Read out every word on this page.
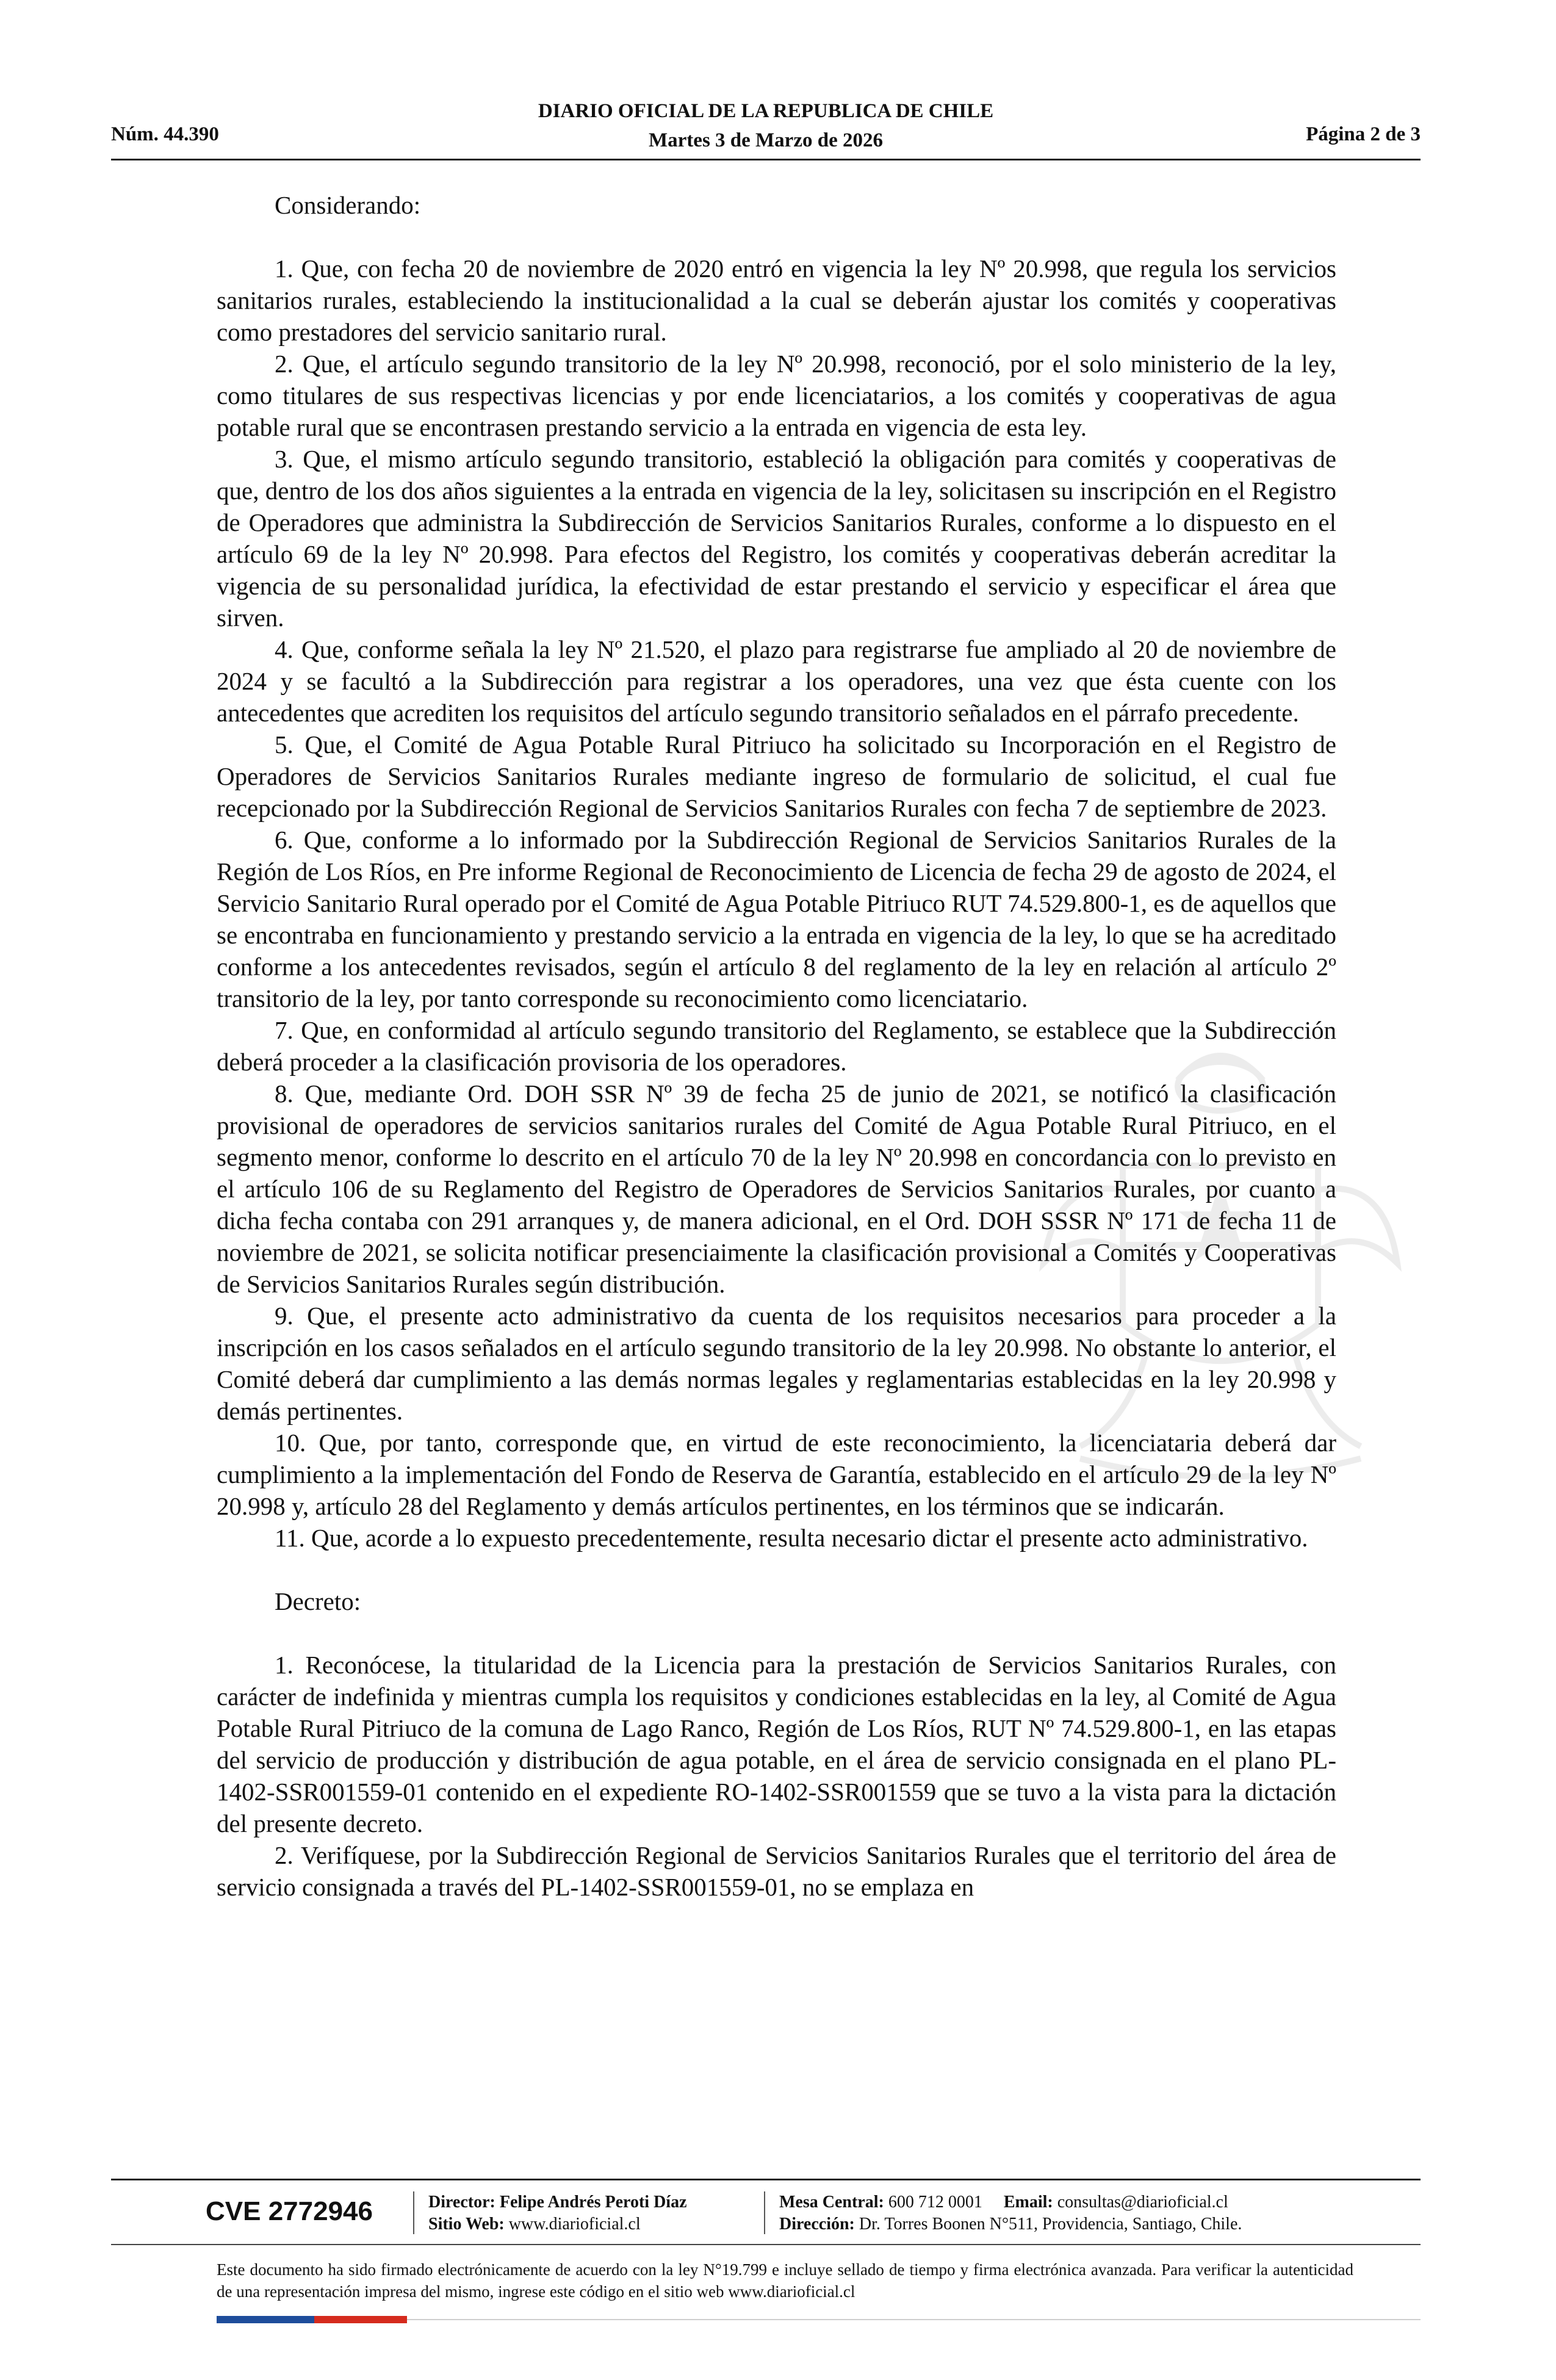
Núm. 44.390
DIARIO OFICIAL DE LA REPUBLICA DE CHILE
Martes 3 de Marzo de 2026	Página 2 de 3

Considerando:

1. Que, con fecha 20 de noviembre de 2020 entró en vigencia la ley Nº 20.998, que regula los servicios sanitarios rurales, estableciendo la institucionalidad a la cual se deberán ajustar los comités y cooperativas como prestadores del servicio sanitario rural.

2. Que, el artículo segundo transitorio de la ley Nº 20.998, reconoció, por el solo ministerio de la ley, como titulares de sus respectivas licencias y por ende licenciatarios, a los comités y cooperativas de agua potable rural que se encontrasen prestando servicio a la entrada en vigencia de esta ley.

3. Que, el mismo artículo segundo transitorio, estableció la obligación para comités y cooperativas de que, dentro de los dos años siguientes a la entrada en vigencia de la ley, solicitasen su inscripción en el Registro de Operadores que administra la Subdirección de Servicios Sanitarios Rurales, conforme a lo dispuesto en el artículo 69 de la ley Nº 20.998. Para efectos del Registro, los comités y cooperativas deberán acreditar la vigencia de su personalidad jurídica, la efectividad de estar prestando el servicio y especificar el área que sirven.

4. Que, conforme señala la ley Nº 21.520, el plazo para registrarse fue ampliado al 20 de noviembre de 2024 y se facultó a la Subdirección para registrar a los operadores, una vez que ésta cuente con los antecedentes que acrediten los requisitos del artículo segundo transitorio señalados en el párrafo precedente.

5. Que, el Comité de Agua Potable Rural Pitriuco ha solicitado su Incorporación en el Registro de Operadores de Servicios Sanitarios Rurales mediante ingreso de formulario de solicitud, el cual fue recepcionado por la Subdirección Regional de Servicios Sanitarios Rurales con fecha 7 de septiembre de 2023.

6. Que, conforme a lo informado por la Subdirección Regional de Servicios Sanitarios Rurales de la Región de Los Ríos, en Pre informe Regional de Reconocimiento de Licencia de fecha 29 de agosto de 2024, el Servicio Sanitario Rural operado por el Comité de Agua Potable Pitriuco RUT 74.529.800-1, es de aquellos que se encontraba en funcionamiento y prestando servicio a la entrada en vigencia de la ley, lo que se ha acreditado conforme a los antecedentes revisados, según el artículo 8 del reglamento de la ley en relación al artículo 2º transitorio de la ley, por tanto corresponde su reconocimiento como licenciatario.

7. Que, en conformidad al artículo segundo transitorio del Reglamento, se establece que la Subdirección deberá proceder a la clasificación provisoria de los operadores.

8. Que, mediante Ord. DOH SSR Nº 39 de fecha 25 de junio de 2021, se notificó la clasificación provisional de operadores de servicios sanitarios rurales del Comité de Agua Potable Rural Pitriuco, en el segmento menor, conforme lo descrito en el artículo 70 de la ley Nº 20.998 en concordancia con lo previsto en el artículo 106 de su Reglamento del Registro de Operadores de Servicios Sanitarios Rurales, por cuanto a dicha fecha contaba con 291 arranques y, de manera adicional, en el Ord. DOH SSSR Nº 171 de fecha 11 de noviembre de 2021, se solicita notificar presenciaimente la clasificación provisional a Comités y Cooperativas de Servicios Sanitarios Rurales según distribución.

9. Que, el presente acto administrativo da cuenta de los requisitos necesarios para proceder a la inscripción en los casos señalados en el artículo segundo transitorio de la ley 20.998. No obstante lo anterior, el Comité deberá dar cumplimiento a las demás normas legales y reglamentarias establecidas en la ley 20.998 y demás pertinentes.

10. Que, por tanto, corresponde que, en virtud de este reconocimiento, la licenciataria deberá dar cumplimiento a la implementación del Fondo de Reserva de Garantía, establecido en el artículo 29 de la ley Nº 20.998 y, artículo 28 del Reglamento y demás artículos pertinentes, en los términos que se indicarán.

11. Que, acorde a lo expuesto precedentemente, resulta necesario dictar el presente acto administrativo.

Decreto:

1. Reconócese, la titularidad de la Licencia para la prestación de Servicios Sanitarios Rurales, con carácter de indefinida y mientras cumpla los requisitos y condiciones establecidas en la ley, al Comité de Agua Potable Rural Pitriuco de la comuna de Lago Ranco, Región de Los Ríos, RUT Nº 74.529.800-1, en las etapas del servicio de producción y distribución de agua potable, en el área de servicio consignada en el plano PL-1402-SSR001559-01 contenido en el expediente RO-1402-SSR001559 que se tuvo a la vista para la dictación del presente decreto.

2. Verifíquese, por la Subdirección Regional de Servicios Sanitarios Rurales que el territorio del área de servicio consignada a través del PL-1402-SSR001559-01, no se emplaza en

CVE 2772946	Director: Felipe Andrés Peroti Díaz
Sitio Web: www.diarioficial.cl
Mesa Central: 600 712 0001 Email: consultas@diarioficial.cl
Dirección: Dr. Torres Boonen N°511, Providencia, Santiago, Chile.
Este documento ha sido firmado electrónicamente de acuerdo con la ley N°19.799 e incluye sellado de tiempo y firma electrónica avanzada. Para verificar la autenticidad de una representación impresa del mismo, ingrese este código en el sitio web www.diarioficial.cl
